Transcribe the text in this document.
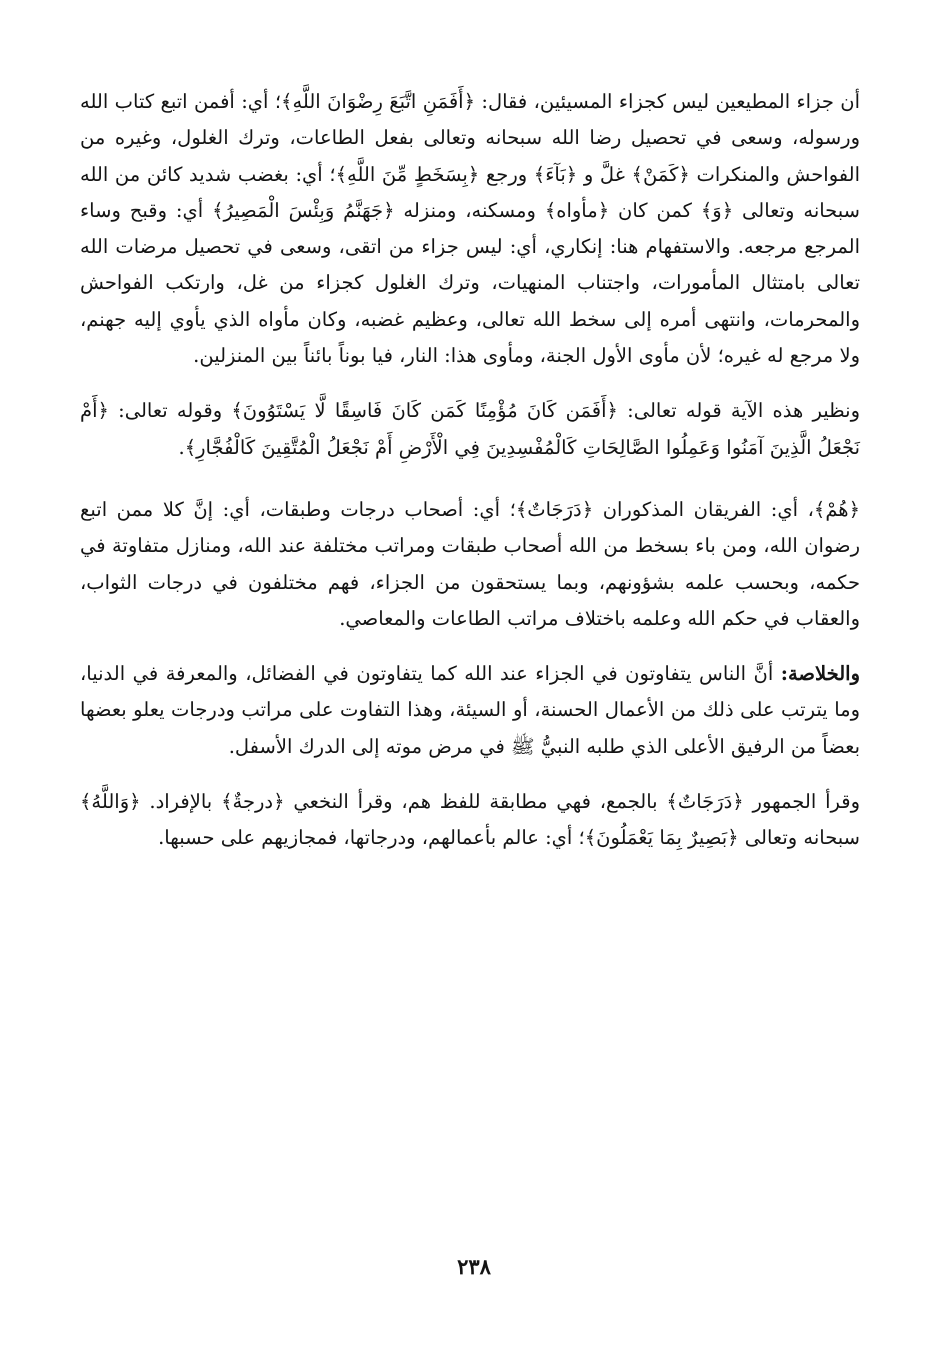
أن جزاء المطيعين ليس كجزاء المسيئين، فقال: ﴿أَفَمَنِ اتَّبَعَ رِضْوَانَ اللَّهِ﴾؛ أي: أفمن اتبع كتاب الله ورسوله، وسعى في تحصيل رضا الله سبحانه وتعالى بفعل الطاعات، وترك الغلول، وغيره من الفواحش والمنكرات ﴿كَمَنْ﴾ غلَّ و ﴿بَآءَ﴾ ورجع ﴿بِسَخَطٍ مِّنَ اللَّهِ﴾؛ أي: بغضب شديد كائن من الله سبحانه وتعالى ﴿وَ﴾ كمن كان ﴿مأواه﴾ ومسكنه، ومنزله ﴿جَهَنَّمُ وَبِئْسَ الْمَصِيرُ﴾ أي: وقبح وساء المرجع مرجعه. والاستفهام هنا: إنكاري، أي: ليس جزاء من اتقى، وسعى في تحصيل مرضات الله تعالى بامتثال المأمورات، واجتناب المنهيات، وترك الغلول كجزاء من غل، وارتكب الفواحش والمحرمات، وانتهى أمره إلى سخط الله تعالى، وعظيم غضبه، وكان مأواه الذي يأوي إليه جهنم، ولا مرجع له غيره؛ لأن مأوى الأول الجنة، ومأوى هذا: النار، فيا بوناً بائناً بين المنزلين.

ونظير هذه الآية قوله تعالى: ﴿أَفَمَن كَانَ مُؤْمِنًا كَمَن كَانَ فَاسِقًا لَّا يَسْتَوُونَ﴾ وقوله تعالى: ﴿أَمْ نَجْعَلُ الَّذِينَ آمَنُوا وَعَمِلُوا الصَّالِحَاتِ كَالْمُفْسِدِينَ فِي الْأَرْضِ أَمْ نَجْعَلُ الْمُتَّقِينَ كَالْفُجَّارِ﴾.

﴿هُمْ﴾، أي: الفريقان المذكوران ﴿دَرَجَاتٌ﴾؛ أي: أصحاب درجات وطبقات، أي: إنَّ كلا ممن اتبع رضوان الله، ومن باء بسخط من الله أصحاب طبقات ومراتب مختلفة عند الله، ومنازل متفاوتة في حكمه، وبحسب علمه بشؤونهم، وبما يستحقون من الجزاء، فهم مختلفون في درجات الثواب، والعقاب في حكم الله وعلمه باختلاف مراتب الطاعات والمعاصي.

والخلاصة: أنَّ الناس يتفاوتون في الجزاء عند الله كما يتفاوتون في الفضائل، والمعرفة في الدنيا، وما يترتب على ذلك من الأعمال الحسنة، أو السيئة، وهذا التفاوت على مراتب ودرجات يعلو بعضها بعضاً من الرفيق الأعلى الذي طلبه النبيُّ ﷺ في مرض موته إلى الدرك الأسفل.

وقرأ الجمهور ﴿دَرَجَاتٌ﴾ بالجمع، فهي مطابقة للفظ هم، وقرأ النخعي ﴿درجةٌ﴾ بالإفراد. ﴿وَاللَّهُ﴾ سبحانه وتعالى ﴿بَصِيرٌ بِمَا يَعْمَلُونَ﴾؛ أي: عالم بأعمالهم، ودرجاتها، فمجازيهم على حسبها.

٢٣٨
